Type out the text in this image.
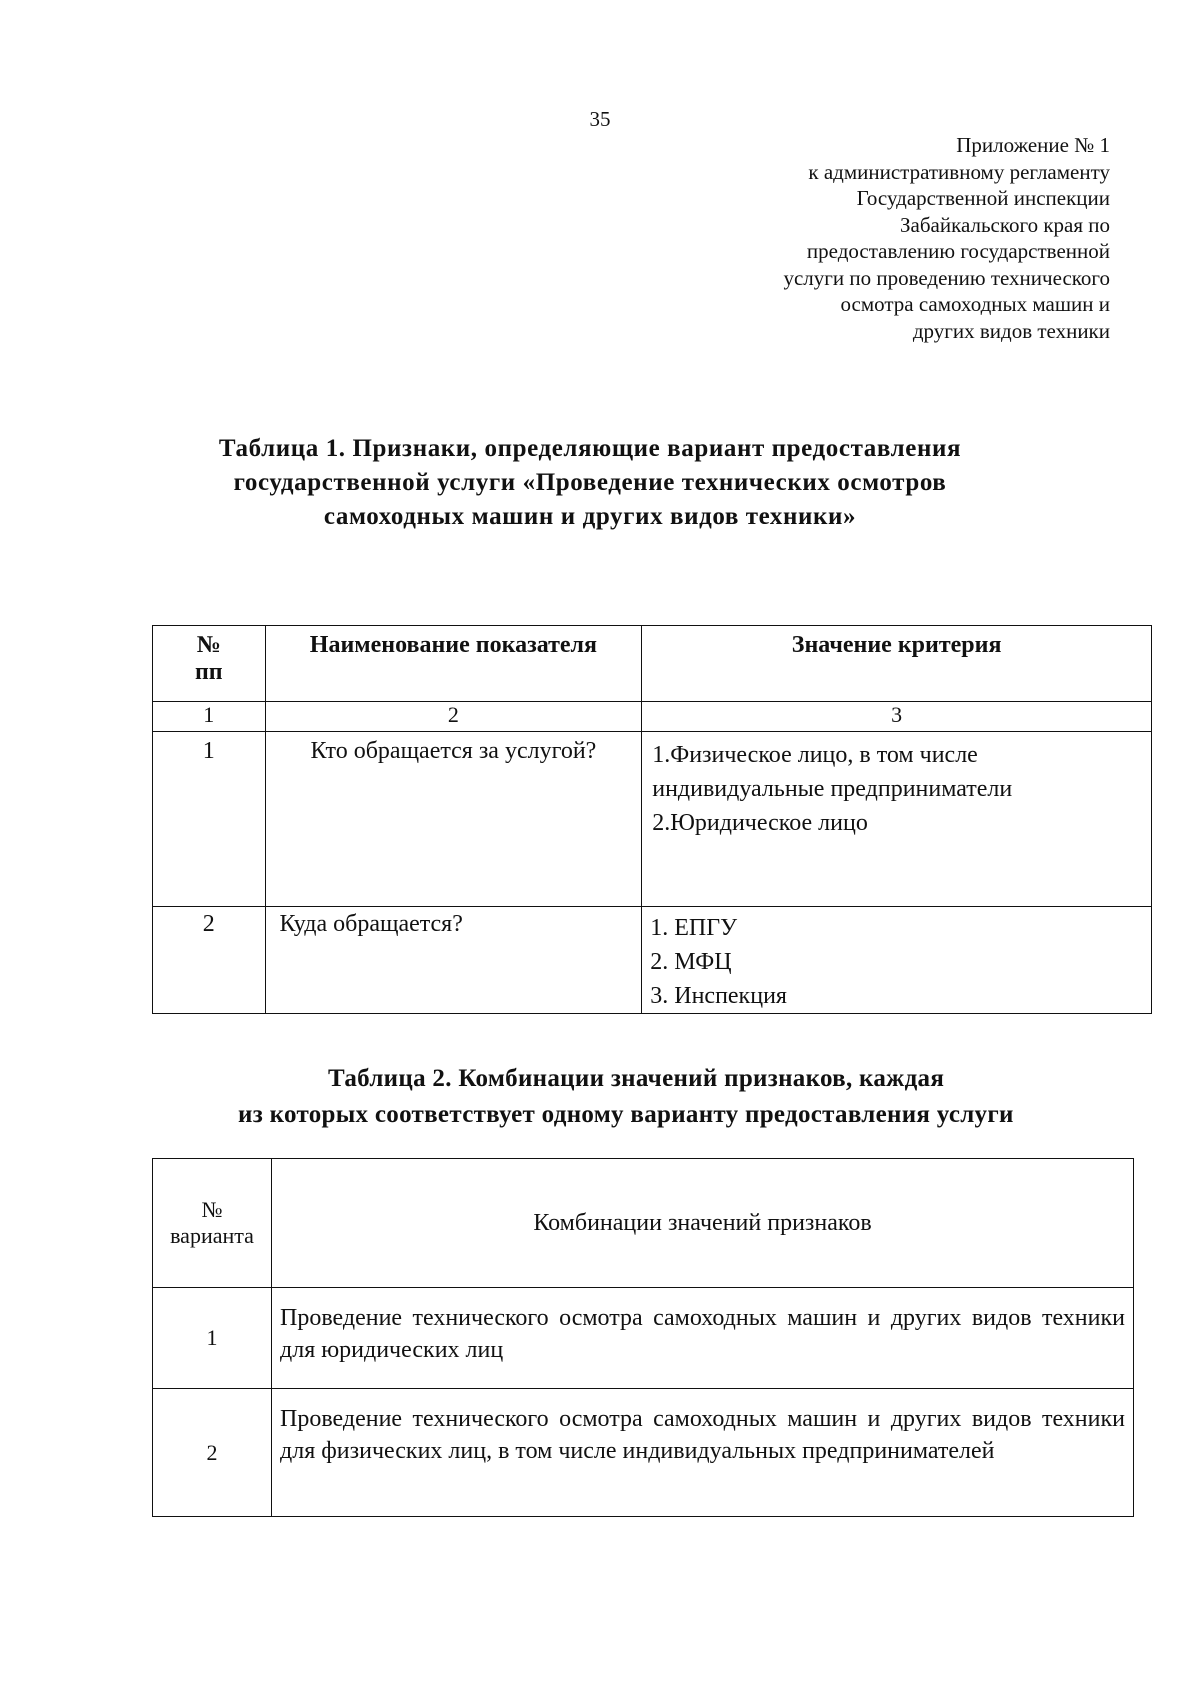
35
Приложение № 1
к административному регламенту
Государственной инспекции
Забайкальского края по
предоставлению государственной
услуги по проведению технического
осмотра самоходных машин и
других видов техники
Таблица 1. Признаки, определяющие вариант предоставления
государственной услуги «Проведение технических осмотров
самоходных машин и других видов техники»
№
пп	Наименование показателя	Значение критерия
1	2	3
1	Кто обращается за услугой?	1.Физическое лицо, в том числе
индивидуальные предприниматели
2.Юридическое лицо

2	Куда обращается?	1. ЕПГУ
2. МФЦ
3. Инспекция
Таблица 2. Комбинации значений признаков, каждая
из которых соответствует одному варианту предоставления услуги
№
варианта	Комбинации значений признаков
1	Проведение технического осмотра самоходных машин и других видов техники для юридических лиц
2	Проведение технического осмотра самоходных машин и других видов техники для физических лиц, в том числе индивидуальных предпринимателей
